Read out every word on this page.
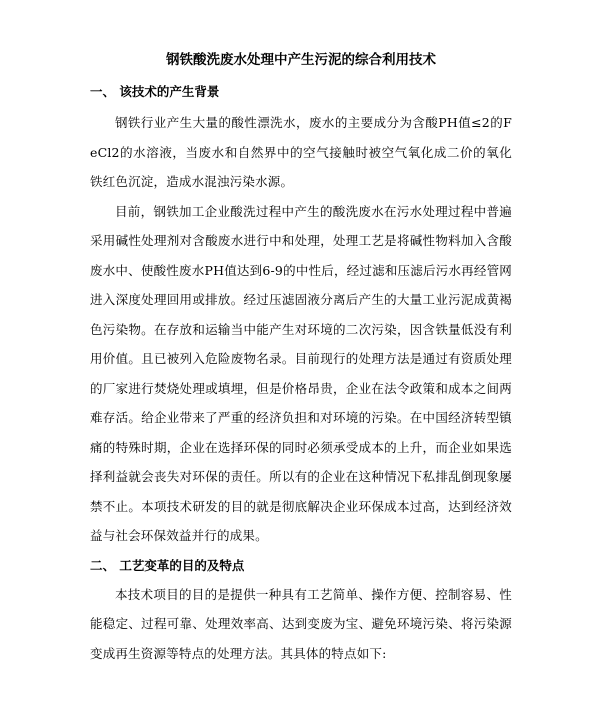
钢铁酸洗废水处理中产生污泥的综合利用技术
一、 该技术的产生背景

钢铁行业产生大量的酸性漂洗水，废水的主要成分为含酸PH值≤2的FeCl2的水溶液，当废水和自然界中的空气接触时被空气氧化成二价的氧化铁红色沉淀，造成水混浊污染水源。

目前，钢铁加工企业酸洗过程中产生的酸洗废水在污水处理过程中普遍采用碱性处理剂对含酸废水进行中和处理，处理工艺是将碱性物料加入含酸废水中、使酸性废水PH值达到6-9的中性后，经过滤和压滤后污水再经管网进入深度处理回用或排放。经过压滤固液分离后产生的大量工业污泥成黄褐色污染物。在存放和运输当中能产生对环境的二次污染，因含铁量低没有利用价值。且已被列入危险废物名录。目前现行的处理方法是通过有资质处理的厂家进行焚烧处理或填埋，但是价格昂贵，企业在法令政策和成本之间两难存活。给企业带来了严重的经济负担和对环境的污染。在中国经济转型镇痛的特殊时期，企业在选择环保的同时必须承受成本的上升，而企业如果选择利益就会丧失对环保的责任。所以有的企业在这种情况下私排乱倒现象屡禁不止。本项技术研发的目的就是彻底解决企业环保成本过高，达到经济效益与社会环保效益并行的成果。

二、 工艺变革的目的及特点

本技术项目的目的是提供一种具有工艺简单、操作方便、控制容易、性能稳定、过程可靠、处理效率高、达到变废为宝、避免环境污染、将污染源变成再生资源等特点的处理方法。其具体的特点如下:
